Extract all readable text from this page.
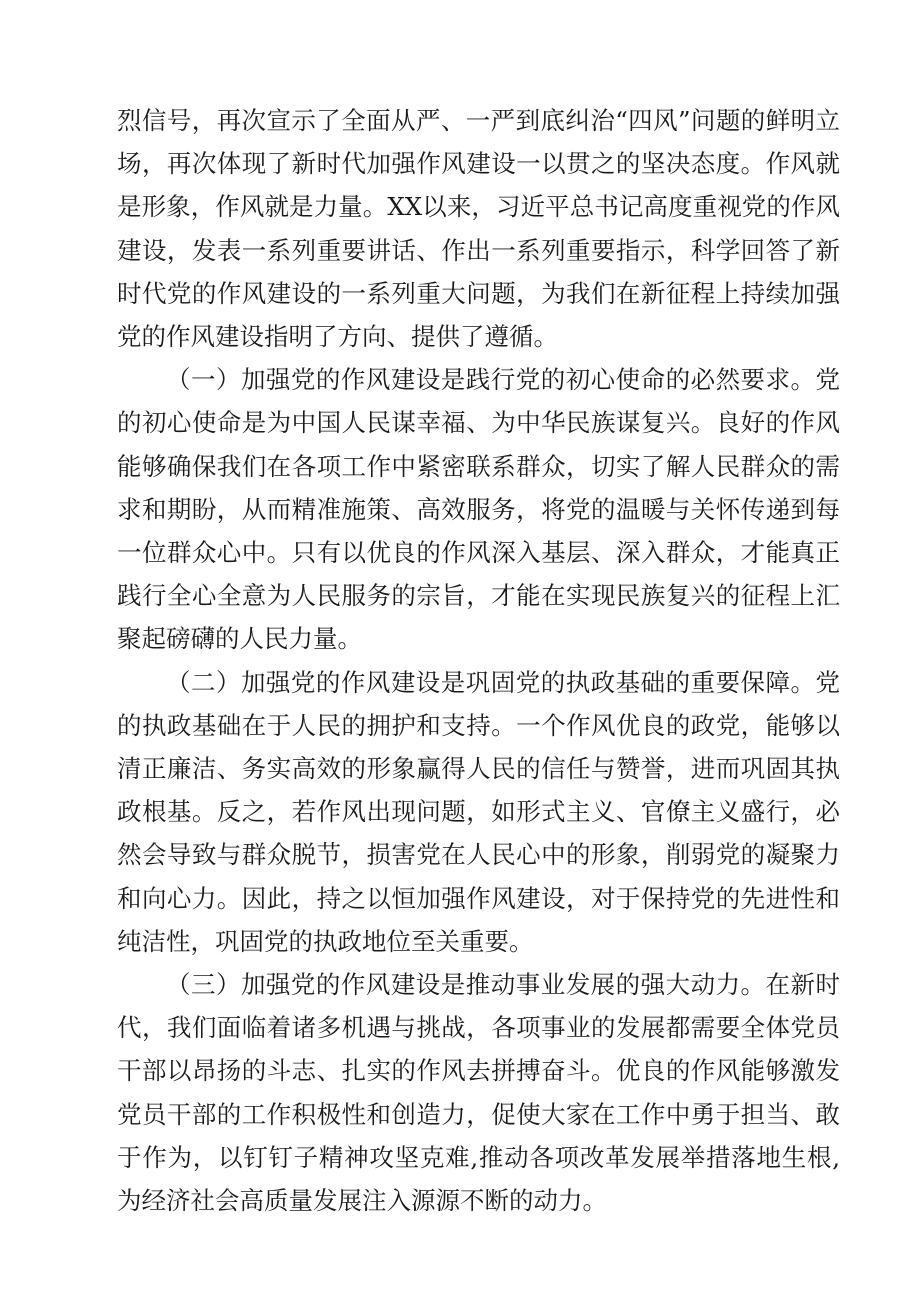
烈信号，再次宣示了全面从严、一严到底纠治“四风”问题的鲜明立场，再次体现了新时代加强作风建设一以贯之的坚决态度。作风就是形象，作风就是力量。XX以来，习近平总书记高度重视党的作风建设，发表一系列重要讲话、作出一系列重要指示，科学回答了新时代党的作风建设的一系列重大问题，为我们在新征程上持续加强党的作风建设指明了方向、提供了遵循。

（一）加强党的作风建设是践行党的初心使命的必然要求。党的初心使命是为中国人民谋幸福、为中华民族谋复兴。良好的作风能够确保我们在各项工作中紧密联系群众，切实了解人民群众的需求和期盼，从而精准施策、高效服务，将党的温暖与关怀传递到每一位群众心中。只有以优良的作风深入基层、深入群众，才能真正践行全心全意为人民服务的宗旨，才能在实现民族复兴的征程上汇聚起磅礴的人民力量。

（二）加强党的作风建设是巩固党的执政基础的重要保障。党的执政基础在于人民的拥护和支持。一个作风优良的政党，能够以清正廉洁、务实高效的形象赢得人民的信任与赞誉，进而巩固其执政根基。反之，若作风出现问题，如形式主义、官僚主义盛行，必然会导致与群众脱节，损害党在人民心中的形象，削弱党的凝聚力和向心力。因此，持之以恒加强作风建设，对于保持党的先进性和纯洁性，巩固党的执政地位至关重要。

（三）加强党的作风建设是推动事业发展的强大动力。在新时代，我们面临着诸多机遇与挑战，各项事业的发展都需要全体党员干部以昂扬的斗志、扎实的作风去拼搏奋斗。优良的作风能够激发党员干部的工作积极性和创造力，促使大家在工作中勇于担当、敢于作为，以钉钉子精神攻坚克难,推动各项改革发展举措落地生根,为经济社会高质量发展注入源源不断的动力。
